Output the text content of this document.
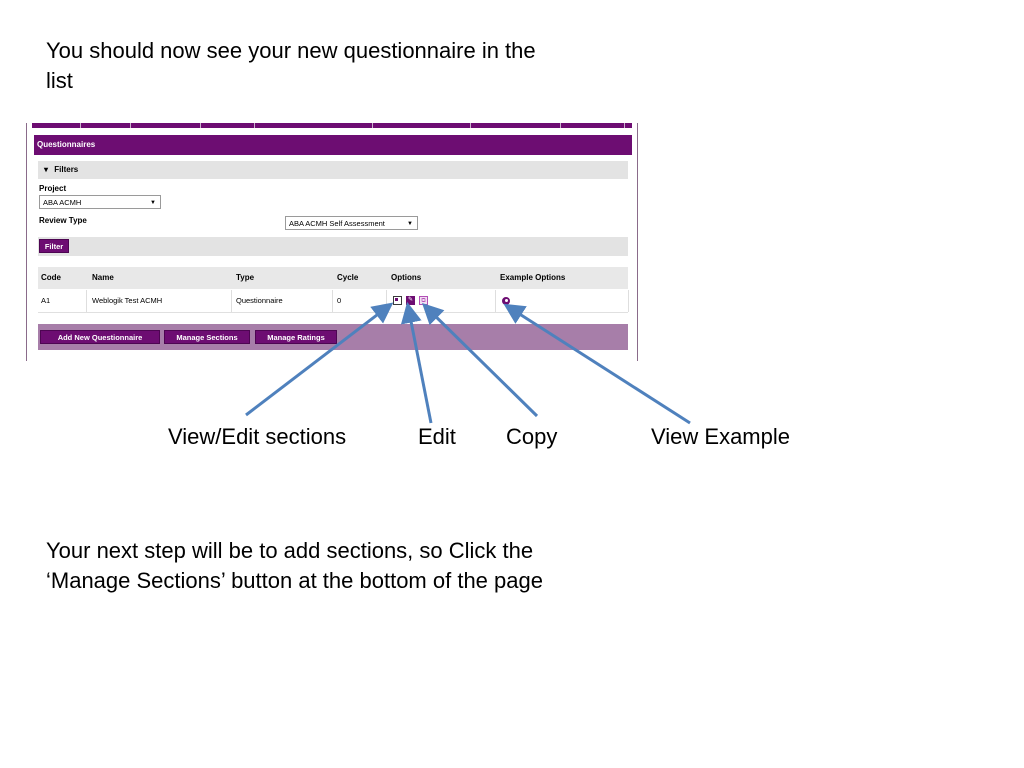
You should now see your new questionnaire in the list

Questionnaires
▾ Filters
Project
ABA ACMH	▼
Review Type	ABA ACMH Self Assessment	▼
Filter
Code	Name	Type	Cycle	Options	Example Options
A1	Weblogik Test ACMH	Questionnaire	0	✎	⧉
Add New Questionnaire	Manage Sections	Manage Ratings
View/Edit sections	Edit Copy	View Example

Your next step will be to add sections, so Click the ‘Manage Sections’ button at the bottom of the page
